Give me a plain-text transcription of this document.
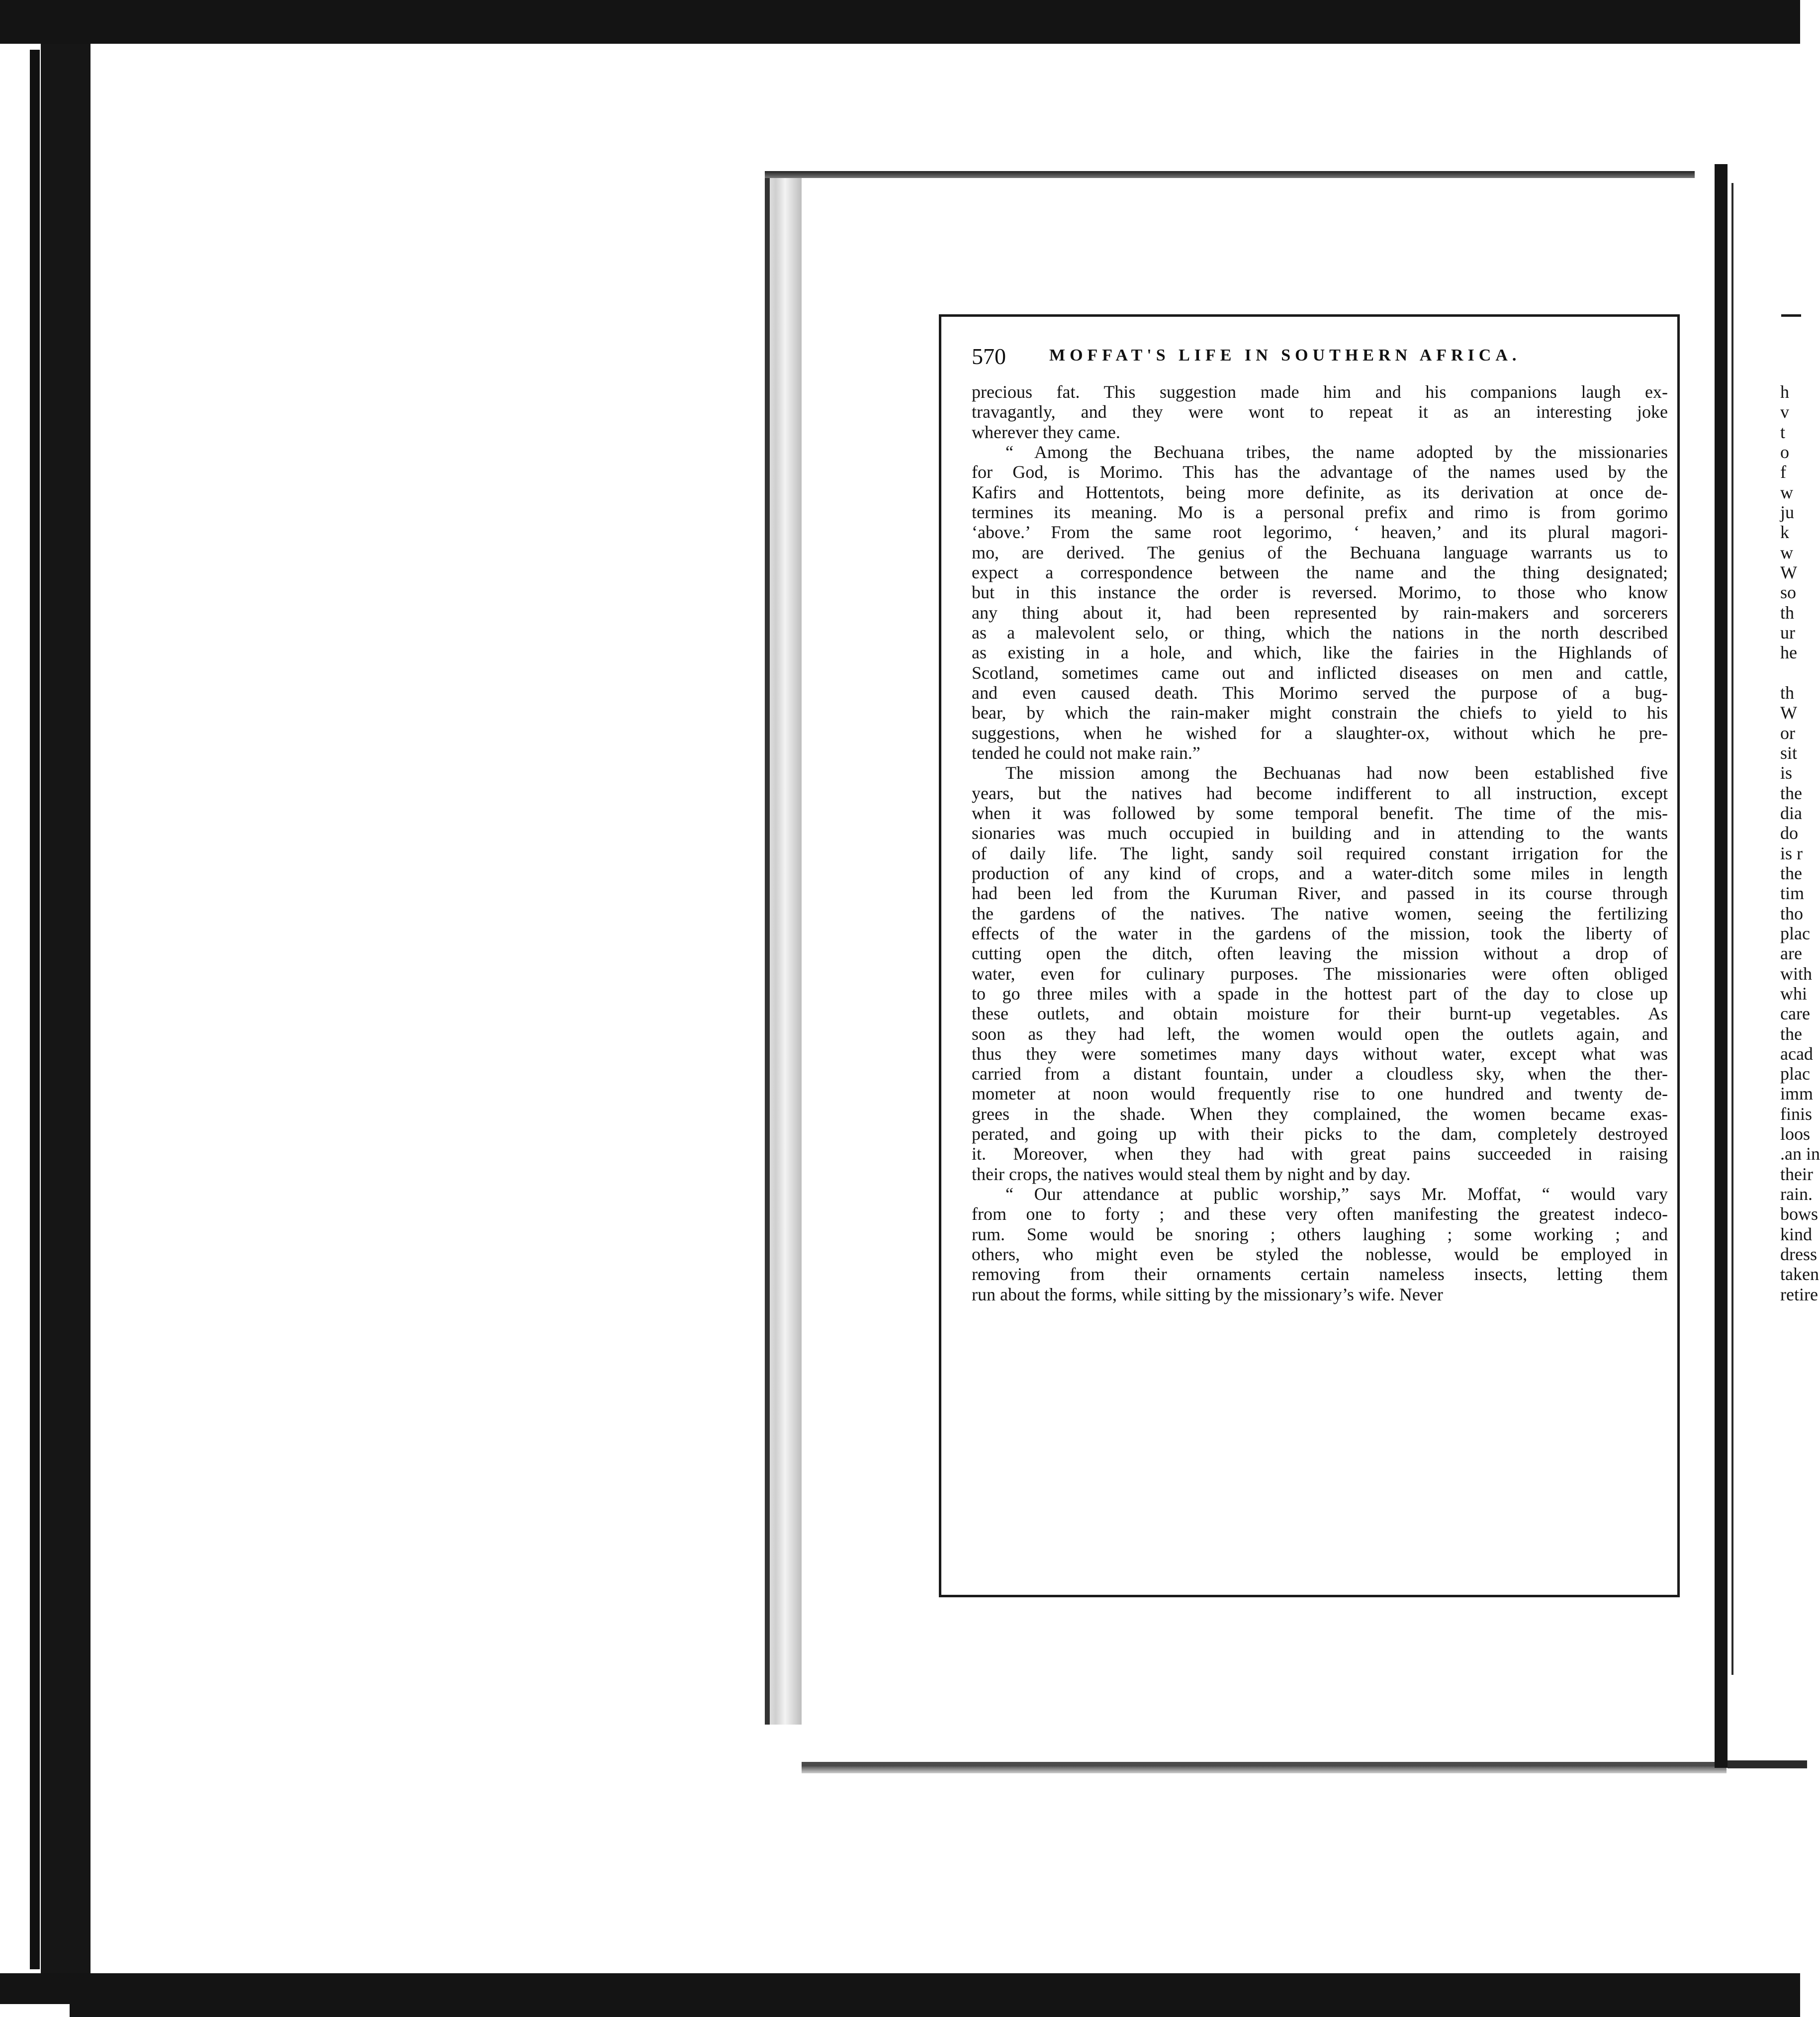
570	MOFFAT'S LIFE IN SOUTHERN AFRICA.
precious fat. This suggestion made him and his companions laugh ex-
travagantly, and they were wont to repeat it as an interesting joke
wherever they came.
“ Among the Bechuana tribes, the name adopted by the missionaries
for God, is Morimo. This has the advantage of the names used by the
Kafirs and Hottentots, being more definite, as its derivation at once de-
termines its meaning. Mo is a personal prefix and rimo is from gorimo
‘above.’ From the same root legorimo, ‘ heaven,’ and its plural magori-
mo, are derived. The genius of the Bechuana language warrants us to
expect a correspondence between the name and the thing designated;
but in this instance the order is reversed. Morimo, to those who know
any thing about it, had been represented by rain-makers and sorcerers
as a malevolent selo, or thing, which the nations in the north described
as existing in a hole, and which, like the fairies in the Highlands of
Scotland, sometimes came out and inflicted diseases on men and cattle,
and even caused death. This Morimo served the purpose of a bug-
bear, by which the rain-maker might constrain the chiefs to yield to his
suggestions, when he wished for a slaughter-ox, without which he pre-
tended he could not make rain.”
The mission among the Bechuanas had now been established five
years, but the natives had become indifferent to all instruction, except
when it was followed by some temporal benefit. The time of the mis-
sionaries was much occupied in building and in attending to the wants
of daily life. The light, sandy soil required constant irrigation for the
production of any kind of crops, and a water-ditch some miles in length
had been led from the Kuruman River, and passed in its course through
the gardens of the natives. The native women, seeing the fertilizing
effects of the water in the gardens of the mission, took the liberty of
cutting open the ditch, often leaving the mission without a drop of
water, even for culinary purposes. The missionaries were often obliged
to go three miles with a spade in the hottest part of the day to close up
these outlets, and obtain moisture for their burnt-up vegetables. As
soon as they had left, the women would open the outlets again, and
thus they were sometimes many days without water, except what was
carried from a distant fountain, under a cloudless sky, when the ther-
mometer at noon would frequently rise to one hundred and twenty de-
grees in the shade. When they complained, the women became exas-
perated, and going up with their picks to the dam, completely destroyed
it. Moreover, when they had with great pains succeeded in raising
their crops, the natives would steal them by night and by day.
“ Our attendance at public worship,” says Mr. Moffat, “ would vary
from one to forty ; and these very often manifesting the greatest indeco-
rum. Some would be snoring ; others laughing ; some working ; and
others, who might even be styled the noblesse, would be employed in
removing from their ornaments certain nameless insects, letting them
run about the forms, while sitting by the missionary’s wife. Never
h
v
t
o
f
w
ju
k
w
W
so
th
ur
he
th
W
or
sit
is
the
dia
do
is r
the
tim
tho
plac
are
with
whi
care
the
acad
plac
imm
finis
loos
.an in
their
rain.
bows
kind
dress
taken
retire
